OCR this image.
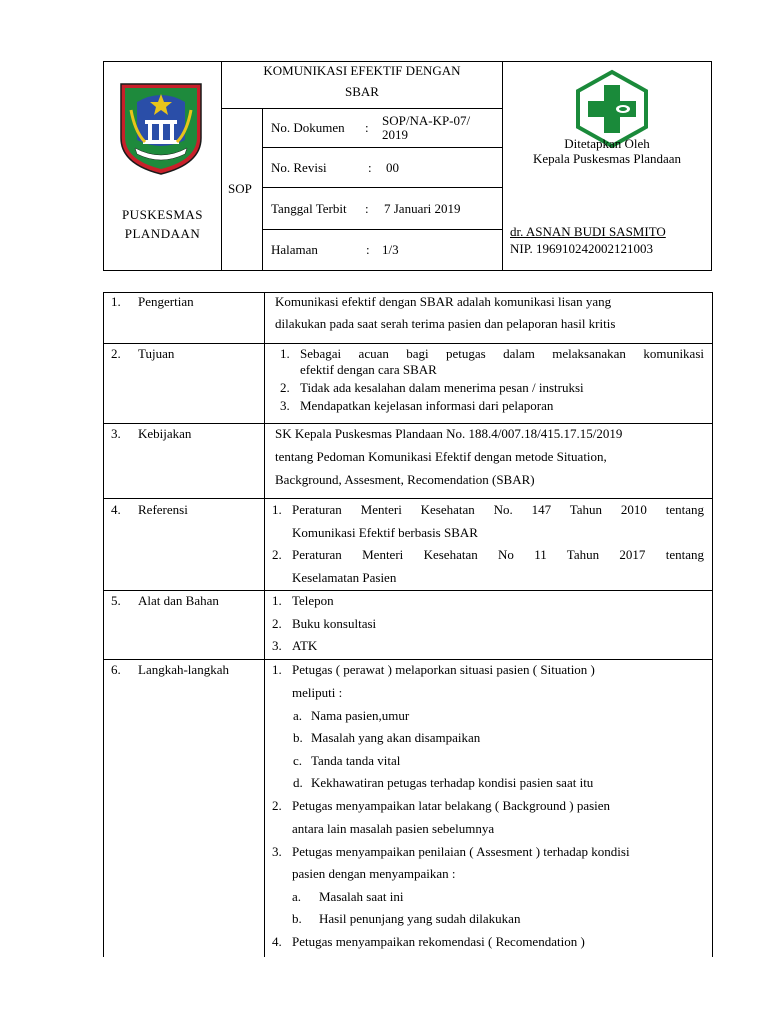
PUSKESMAS
PLANDAAN
KOMUNIKASI EFEKTIF DENGAN
SBAR
SOP
No. Dokumen : SOP/NA-KP-07/
2019
No. Revisi	: 00
Tanggal Terbit : 7 Januari 2019
Halaman	: 1/3
Ditetapkan Oleh
Kepala Puskesmas Plandaan
dr. ASNAN BUDI SASMITO
NIP. 196910242002121003
1. Pengertian	Komunikasi efektif dengan SBAR adalah komunikasi lisan yang
dilakukan pada saat serah terima pasien dan pelaporan hasil kritis
2. Tujuan	1. Sebagai acuan bagi petugas dalam melaksanakan komunikasi
efektif dengan cara SBAR
2. Tidak ada kesalahan dalam menerima pesan / instruksi
3. Mendapatkan kejelasan informasi dari pelaporan
3. Kebijakan	SK Kepala Puskesmas Plandaan No. 188.4/007.18/415.17.15/2019
tentang Pedoman Komunikasi Efektif dengan metode Situation,
Background, Assesment, Recomendation (SBAR)
4. Referensi	1. Peraturan Menteri Kesehatan No. 147 Tahun 2010 tentang
Komunikasi Efektif berbasis SBAR
2. Peraturan Menteri Kesehatan No 11 Tahun 2017 tentang
Keselamatan Pasien
5. Alat dan Bahan	1. Telepon
2. Buku konsultasi
3. ATK
6. Langkah-langkah	1. Petugas ( perawat ) melaporkan situasi pasien ( Situation )
meliputi :
a. Nama pasien,umur
b. Masalah yang akan disampaikan
c. Tanda tanda vital
d. Kekhawatiran petugas terhadap kondisi pasien saat itu
2. Petugas menyampaikan latar belakang ( Background ) pasien
antara lain masalah pasien sebelumnya
3. Petugas menyampaikan penilaian ( Assesment ) terhadap kondisi
pasien dengan menyampaikan :
a. Masalah saat ini
b. Hasil penunjang yang sudah dilakukan
4. Petugas menyampaikan rekomendasi ( Recomendation )
